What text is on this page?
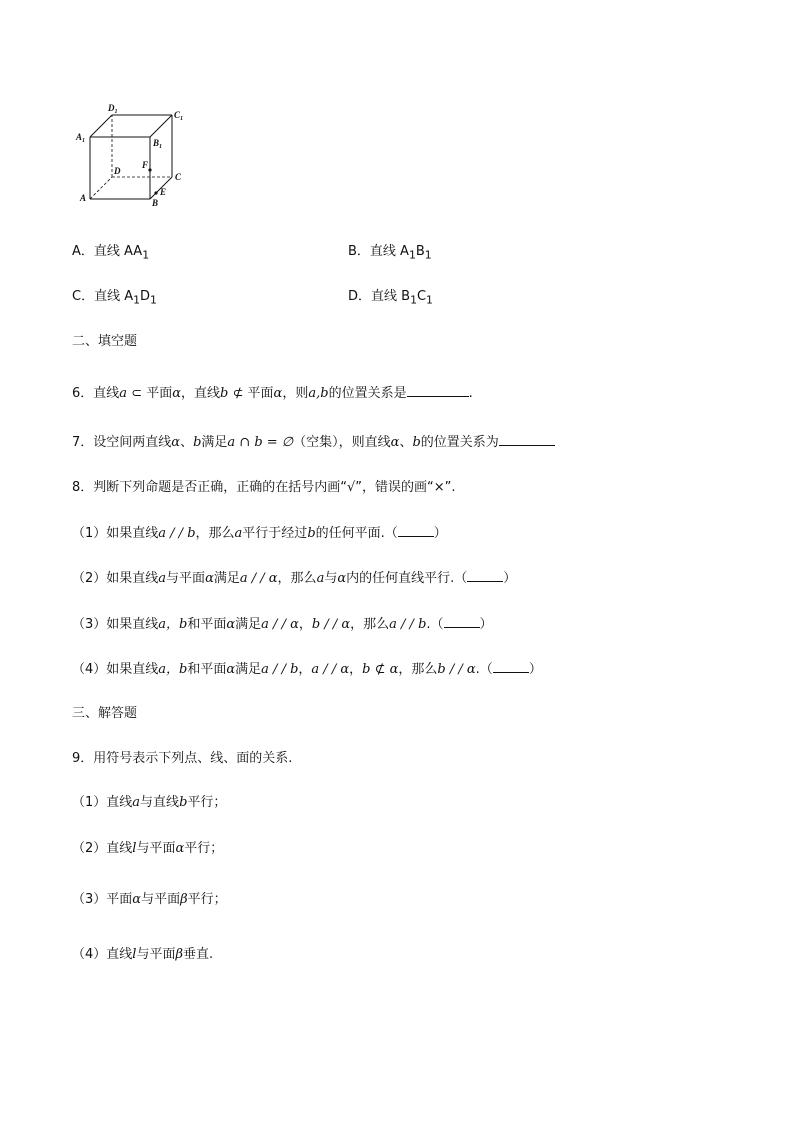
$D_1$	$C_1$
$A_1$	$B_1$
D
C
A	B
F
E
A．直线 $AA_1$	B．直线 $A_1B_1$
C．直线 $A_1D_1$	D．直线 $B_1C_1$
二、填空题
6．直线a ⊂ 平面α，直线b ⊄ 平面α，则a,b的位置关系是	.
7．设空间两直线α、b满足a ∩ b = ∅（空集），则直线α、b的位置关系为
8．判断下列命题是否正确，正确的在括号内画“√”，错误的画“×”.
（1）如果直线a / / b，那么a平行于经过b的任何平面.（	）
（2）如果直线a与平面α满足a / / α，那么a与α内的任何直线平行.（	）
（3）如果直线a，b和平面α满足a / / α，b / / α，那么a / / b.（	）
（4）如果直线a，b和平面α满足a / / b，a / / α，b ⊄ α，那么b / / α.（	）
三、解答题
9．用符号表示下列点、线、面的关系.
（1）直线a与直线b平行；
（2）直线l与平面α平行；
（3）平面α与平面β平行；
（4）直线l与平面β垂直.
